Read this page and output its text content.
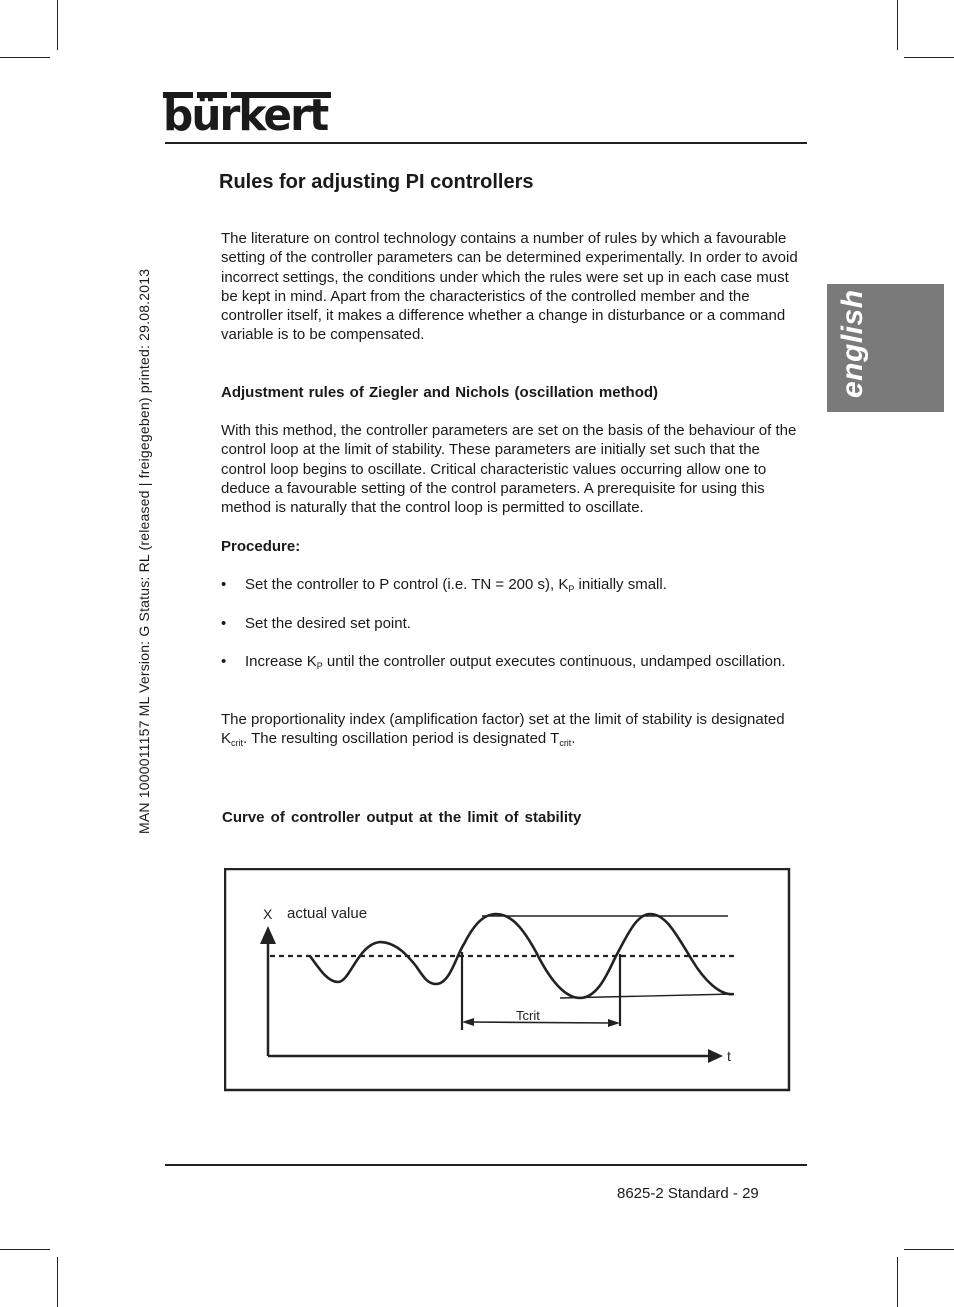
bürkert
MAN 1000011157 ML Version: G Status: RL (released | freigegeben) printed: 29.08.2013	english
Rules for adjusting PI controllers

The literature on control technology contains a number of rules by which a favourable setting of the controller parameters can be determined experimentally. In order to avoid incorrect settings, the conditions under which the rules were set up in each case must be kept in mind. Apart from the characteristics of the controlled member and the controller itself, it makes a difference whether a change in disturbance or a command variable is to be compensated.

Adjustment rules of Ziegler and Nichols (oscillation method)

With this method, the controller parameters are set on the basis of the behaviour of the control loop at the limit of stability. These parameters are initially set such that the control loop begins to oscillate. Critical characteristic values occurring allow one to deduce a favourable setting of the control parameters. A prerequisite for using this method is naturally that the control loop is permitted to oscillate.

Procedure:

• Set the controller to P control (i.e. TN = 200 s), $K_P$ initially small.
• Set the desired set point.
• Increase $K_P$ until the controller output executes continuous, undamped oscillation.

The proportionality index (amplification factor) set at the limit of stability is designated $K_{crit}$. The resulting oscillation period is designated $T_{crit}$.

Curve of controller output at the limit of stability
X actual value
t
Tcrit
8625-2 Standard - 29
